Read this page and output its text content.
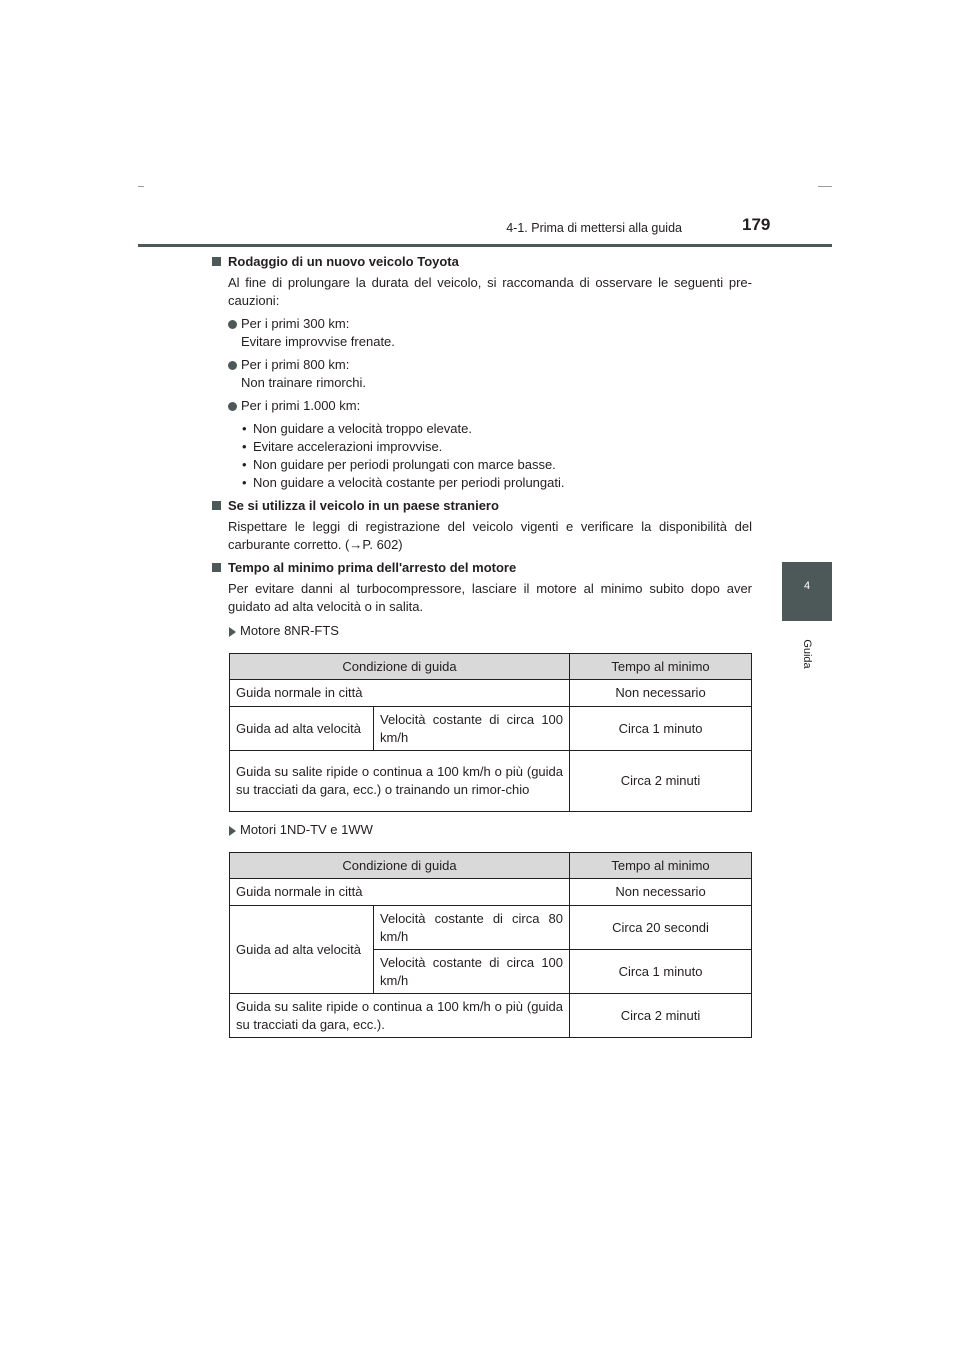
4-1. Prima di mettersi alla guida	179
4
Guida
Rodaggio di un nuovo veicolo Toyota
Al fine di prolungare la durata del veicolo, si raccomanda di osservare le seguenti pre-cauzioni:
Per i primi 300 km:
Evitare improvvise frenate.
Per i primi 800 km:
Non trainare rimorchi.
Per i primi 1.000 km:
• Non guidare a velocità troppo elevate.
• Evitare accelerazioni improvvise.
• Non guidare per periodi prolungati con marce basse.
• Non guidare a velocità costante per periodi prolungati.
Se si utilizza il veicolo in un paese straniero
Rispettare le leggi di registrazione del veicolo vigenti e verificare la disponibilità del carburante corretto. (→P. 602)
Tempo al minimo prima dell'arresto del motore
Per evitare danni al turbocompressore, lasciare il motore al minimo subito dopo aver guidato ad alta velocità o in salita.
Motore 8NR-FTS
Condizione di guida		Tempo al minimo
Guida normale in città		Non necessario
Guida ad alta velocità	Velocità costante di circa 100 km/h	Circa 1 minuto
Guida su salite ripide o continua a 100 km/h o più (guida su tracciati da gara, ecc.) o trainando un rimor-chio		Circa 2 minuti
Motori 1ND-TV e 1WW
Condizione di guida		Tempo al minimo
Guida normale in città		Non necessario
Guida ad alta velocità	Velocità costante di circa 80 km/h	Circa 20 secondi
	Velocità costante di circa 100 km/h	Circa 1 minuto
Guida su salite ripide o continua a 100 km/h o più (guida su tracciati da gara, ecc.).		Circa 2 minuti
